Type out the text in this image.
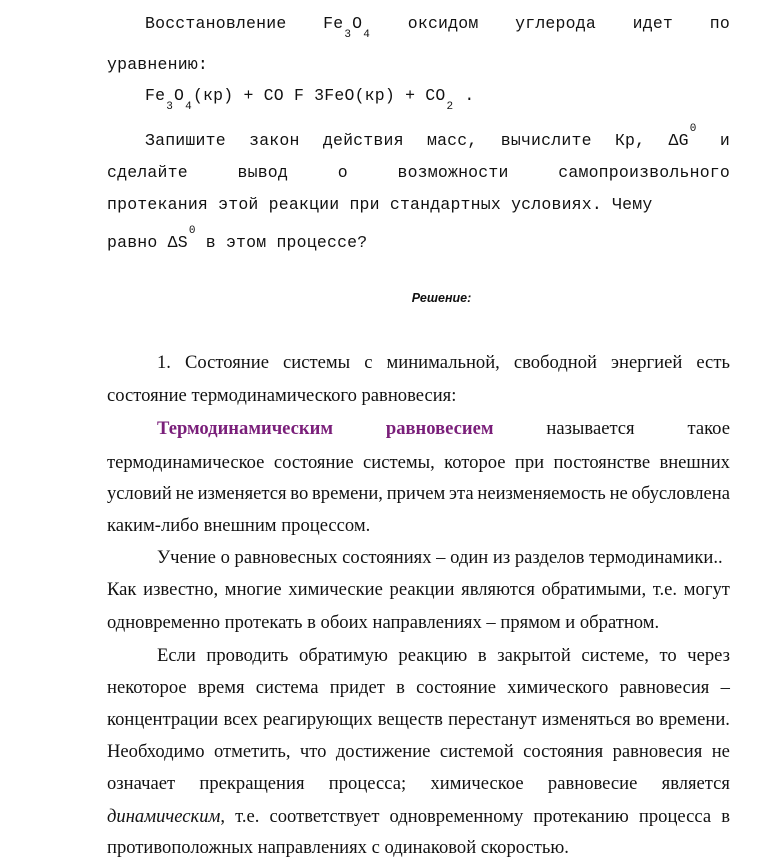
Восстановление $Fe_3O_4$
оксидом углерода идет по
уравнению:
$Fe_3O_4(кр)$ + CO F $3FeO(кр) + CO_2$ .
Запишите закон действия масс, вычислите Кр, $\Delta G^0$
и
сделайте	вывод	о	возможности	самопроизвольного
протекания этой реакции при стандартных условиях. Чему
равно $\Delta S^0$ в этом процессе?
Решение:
1. Состояние системы с минимальной, свободной энергией есть
состояние термодинамического равновесия:
Термодинамическим	равновесием	называется	такое
термодинамическое состояние системы, которое при постоянстве внешних
условий не изменяется во времени, причем эта неизменяемость не обусловлена
каким-либо внешним процессом.
Учение о равновесных состояниях – один из разделов термодинамики..
Как известно, многие химические реакции являются обратимыми, т.е. могут
одновременно протекать в обоих направлениях – прямом и обратном.
Если проводить обратимую реакцию в закрытой системе, то через
некоторое время система придет в состояние химического равновесия –
концентрации всех реагирующих веществ перестанут изменяться во времени.
Необходимо отметить, что достижение системой состояния равновесия не
означает прекращения процесса; химическое равновесие является
динамическим, т.е. соответствует одновременному протеканию процесса в
противоположных направлениях с одинаковой скоростью.
